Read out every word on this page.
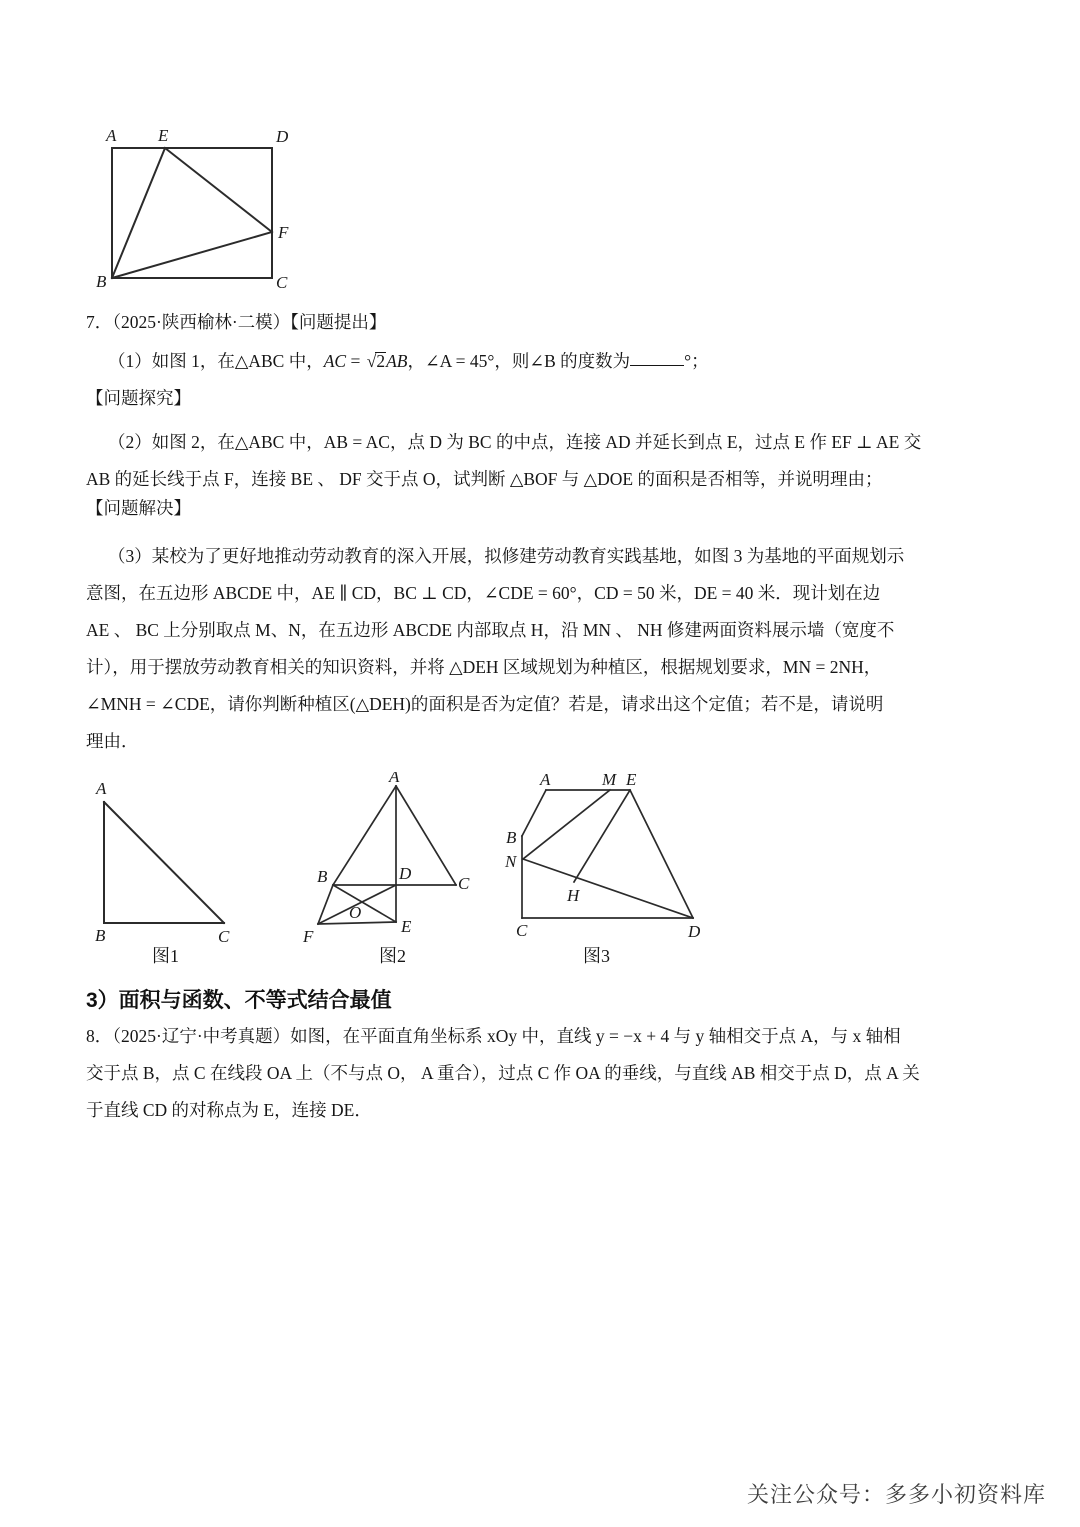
A E	D
F
B	C
7．（2025·陕西榆林·二模）【问题提出】
（1）如图 1，在△ABC 中，AC = √2AB，∠A = 45°，则∠B 的度数为	°；
【问题探究】
（2）如图 2，在△ABC 中，AB = AC，点 D 为 BC 的中点，连接 AD 并延长到点 E，过点 E 作 EF ⊥ AE 交
AB 的延长线于点 F，连接 BE 、 DF 交于点 O，试判断 △BOF 与 △DOE 的面积是否相等，并说明理由；
【问题解决】
（3）某校为了更好地推动劳动教育的深入开展，拟修建劳动教育实践基地，如图 3 为基地的平面规划示
意图，在五边形 ABCDE 中，AE ∥ CD，BC ⊥ CD，∠CDE = 60°，CD = 50 米，DE = 40 米．现计划在边
AE 、 BC 上分别取点 M、N，在五边形 ABCDE 内部取点 H，沿 MN 、 NH 修建两面资料展示墙（宽度不
计），用于摆放劳动教育相关的知识资料，并将 △DEH 区域规划为种植区，根据规划要求，MN = 2NH，
∠MNH = ∠CDE，请你判断种植区(△DEH)的面积是否为定值？若是，请求出这个定值；若不是，请说明
理由．
A
B	C
图1
A
B	D
C
O
E
F
图2
A	M E
B
N
H
C	D
图3
3）面积与函数、不等式结合最值
8．（2025·辽宁·中考真题）如图，在平面直角坐标系 xOy 中，直线 y = −x + 4 与 y 轴相交于点 A，与 x 轴相
交于点 B，点 C 在线段 OA 上（不与点 O， A 重合），过点 C 作 OA 的垂线，与直线 AB 相交于点 D，点 A 关
于直线 CD 的对称点为 E，连接 DE．
关注公众号：多多小初资料库
